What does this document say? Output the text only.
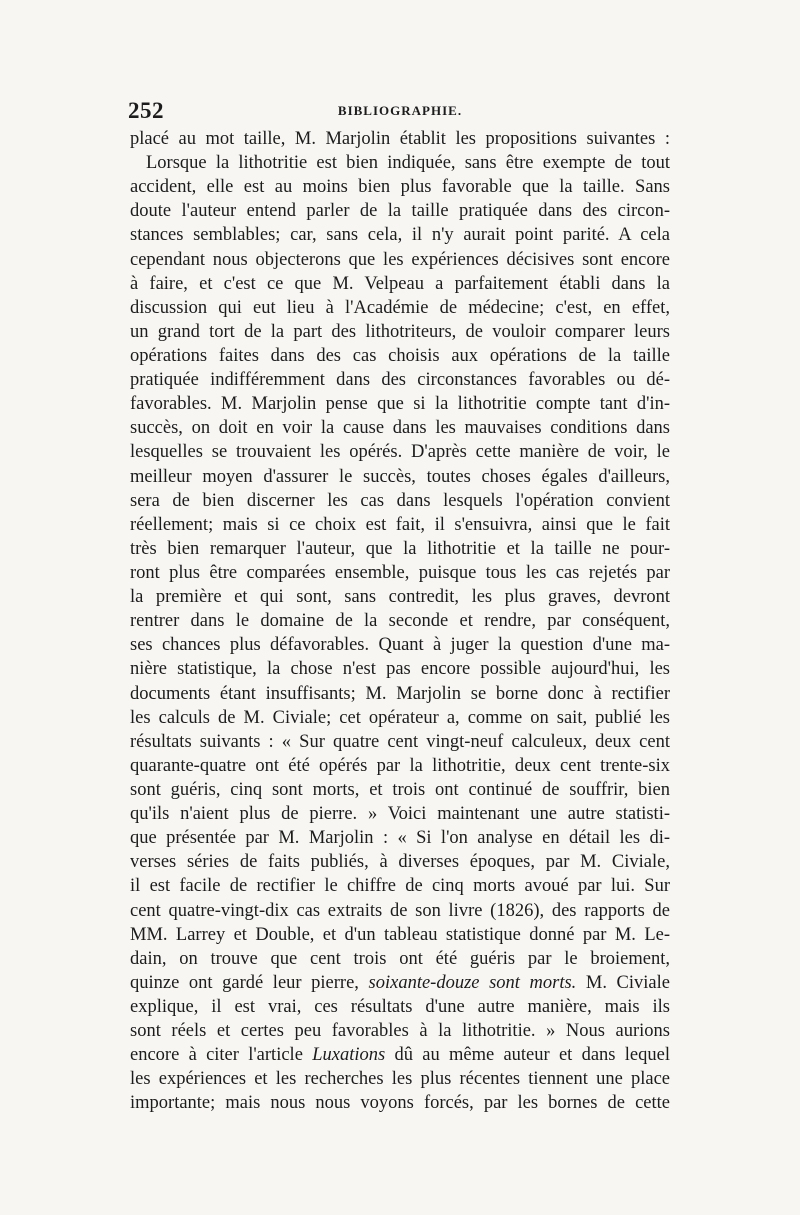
252	BIBLIOGRAPHIE.
placé au mot taille, M. Marjolin établit les propositions suivantes :
Lorsque la lithotritie est bien indiquée, sans être exempte de tout
accident, elle est au moins bien plus favorable que la taille. Sans
doute l'auteur entend parler de la taille pratiquée dans des circon-
stances semblables; car, sans cela, il n'y aurait point parité. A cela
cependant nous objecterons que les expériences décisives sont encore
à faire, et c'est ce que M. Velpeau a parfaitement établi dans la
discussion qui eut lieu à l'Académie de médecine; c'est, en effet,
un grand tort de la part des lithotriteurs, de vouloir comparer leurs
opérations faites dans des cas choisis aux opérations de la taille
pratiquée indifféremment dans des circonstances favorables ou dé-
favorables. M. Marjolin pense que si la lithotritie compte tant d'in-
succès, on doit en voir la cause dans les mauvaises conditions dans
lesquelles se trouvaient les opérés. D'après cette manière de voir, le
meilleur moyen d'assurer le succès, toutes choses égales d'ailleurs,
sera de bien discerner les cas dans lesquels l'opération convient
réellement; mais si ce choix est fait, il s'ensuivra, ainsi que le fait
très bien remarquer l'auteur, que la lithotritie et la taille ne pour-
ront plus être comparées ensemble, puisque tous les cas rejetés par
la première et qui sont, sans contredit, les plus graves, devront
rentrer dans le domaine de la seconde et rendre, par conséquent,
ses chances plus défavorables. Quant à juger la question d'une ma-
nière statistique, la chose n'est pas encore possible aujourd'hui, les
documents étant insuffisants; M. Marjolin se borne donc à rectifier
les calculs de M. Civiale; cet opérateur a, comme on sait, publié les
résultats suivants : « Sur quatre cent vingt-neuf calculeux, deux cent
quarante-quatre ont été opérés par la lithotritie, deux cent trente-six
sont guéris, cinq sont morts, et trois ont continué de souffrir, bien
qu'ils n'aient plus de pierre. » Voici maintenant une autre statisti-
que présentée par M. Marjolin : « Si l'on analyse en détail les di-
verses séries de faits publiés, à diverses époques, par M. Civiale,
il est facile de rectifier le chiffre de cinq morts avoué par lui. Sur
cent quatre-vingt-dix cas extraits de son livre (1826), des rapports de
MM. Larrey et Double, et d'un tableau statistique donné par M. Le-
dain, on trouve que cent trois ont été guéris par le broiement,
quinze ont gardé leur pierre, soixante-douze sont morts. M. Civiale
explique, il est vrai, ces résultats d'une autre manière, mais ils
sont réels et certes peu favorables à la lithotritie. » Nous aurions
encore à citer l'article Luxations dû au même auteur et dans lequel
les expériences et les recherches les plus récentes tiennent une place
importante; mais nous nous voyons forcés, par les bornes de cette
